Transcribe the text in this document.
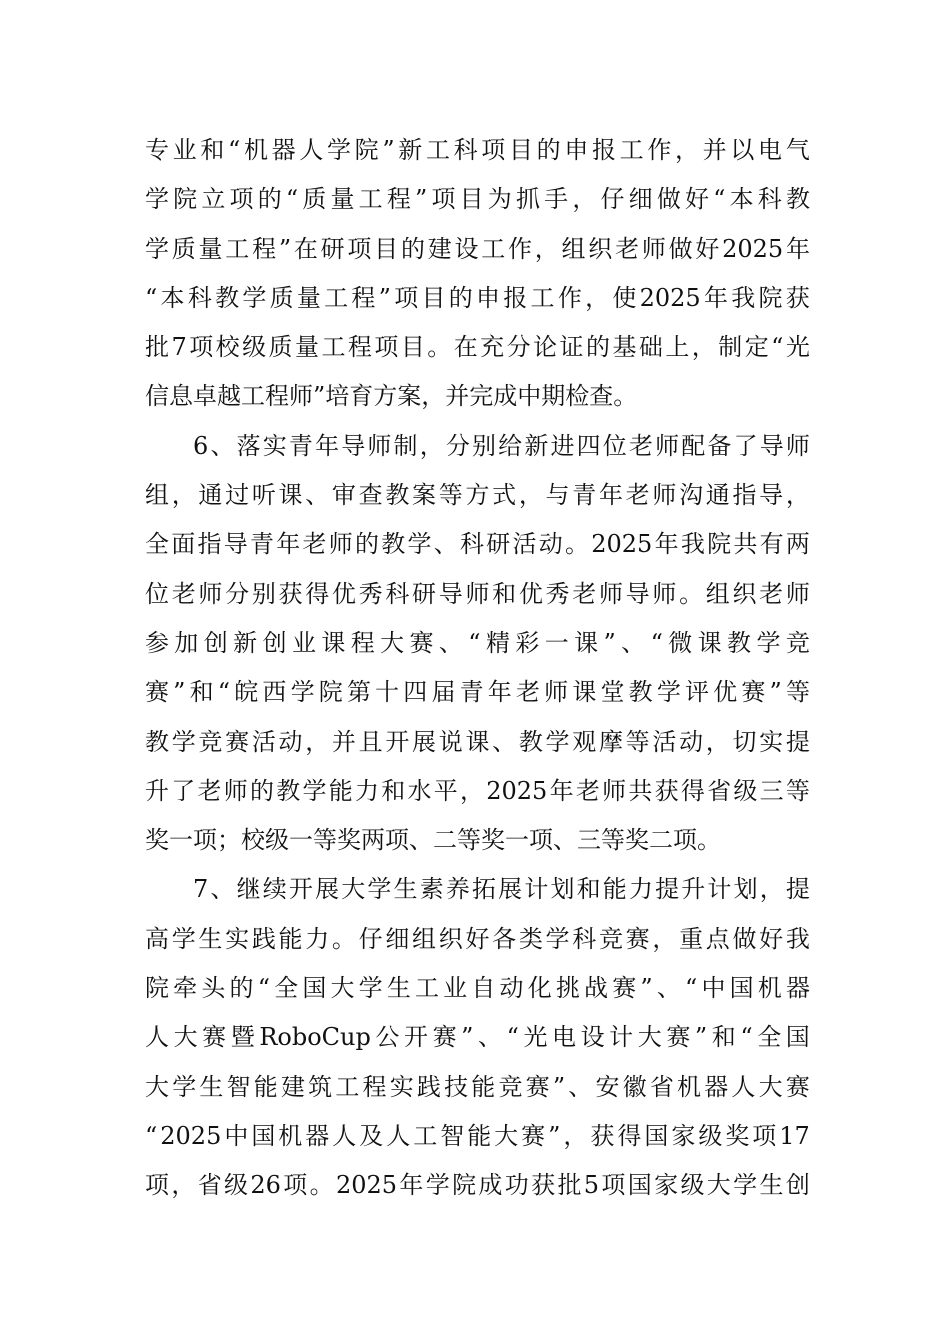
专 业 和 “ 机 器 人 学 院 ” 新 工 科 项 目 的 申 报 工 作 ， 并 以 电 气
学 院 立 项 的 “ 质 量 工 程 ” 项 目 为 抓 手 ， 仔 细 做 好 “ 本 科 教
学 质 量 工 程 ” 在 研 项 目 的 建 设 工 作 ， 组 织 老 师 做 好 2025 年
“ 本 科 教 学 质 量 工 程 ” 项 目 的 申 报 工 作 ， 使 2025 年 我 院 获
批 7 项 校 级 质 量 工 程 项 目 。 在 充 分 论 证 的 基 础 上 ， 制 定 “ 光
信息卓越工程师”培育方案，并完成中期检查。
6 、 落 实 青 年 导 师 制 ， 分 别 给 新 进 四 位 老 师 配 备 了 导 师
组 ， 通 过 听 课 、 审 查 教 案 等 方 式 ， 与 青 年 老 师 沟 通 指 导 ，
全 面 指 导 青 年 老 师 的 教 学 、 科 研 活 动 。 2025 年 我 院 共 有 两
位 老 师 分 别 获 得 优 秀 科 研 导 师 和 优 秀 老 师 导 师 。 组 织 老 师
参 加 创 新 创 业 课 程 大 赛 、 “ 精 彩 一 课 ” 、 “ 微 课 教 学 竞
赛 ” 和 “ 皖 西 学 院 第 十 四 届 青 年 老 师 课 堂 教 学 评 优 赛 ” 等
教 学 竞 赛 活 动 ， 并 且 开 展 说 课 、 教 学 观 摩 等 活 动 ， 切 实 提
升 了 老 师 的 教 学 能 力 和 水 平 ， 2025 年 老 师 共 获 得 省 级 三 等
奖一项；校级一等奖两项、二等奖一项、三等奖二项。
7 、 继 续 开 展 大 学 生 素 养 拓 展 计 划 和 能 力 提 升 计 划 ， 提
高 学 生 实 践 能 力 。 仔 细 组 织 好 各 类 学 科 竞 赛 ， 重 点 做 好 我
院 牵 头 的 “ 全 国 大 学 生 工 业 自 动 化 挑 战 赛 ” 、 “ 中 国 机 器
人 大 赛 暨 RoboCup 公 开 赛 ” 、 “ 光 电 设 计 大 赛 ” 和 “ 全 国
大 学 生 智 能 建 筑 工 程 实 践 技 能 竞 赛 ” 、 安 徽 省 机 器 人 大 赛
“ 2025 中 国 机 器 人 及 人 工 智 能 大 赛 ” ， 获 得 国 家 级 奖 项 17
项 ， 省 级 26 项 。 2025 年 学 院 成 功 获 批 5 项 国 家 级 大 学 生 创
